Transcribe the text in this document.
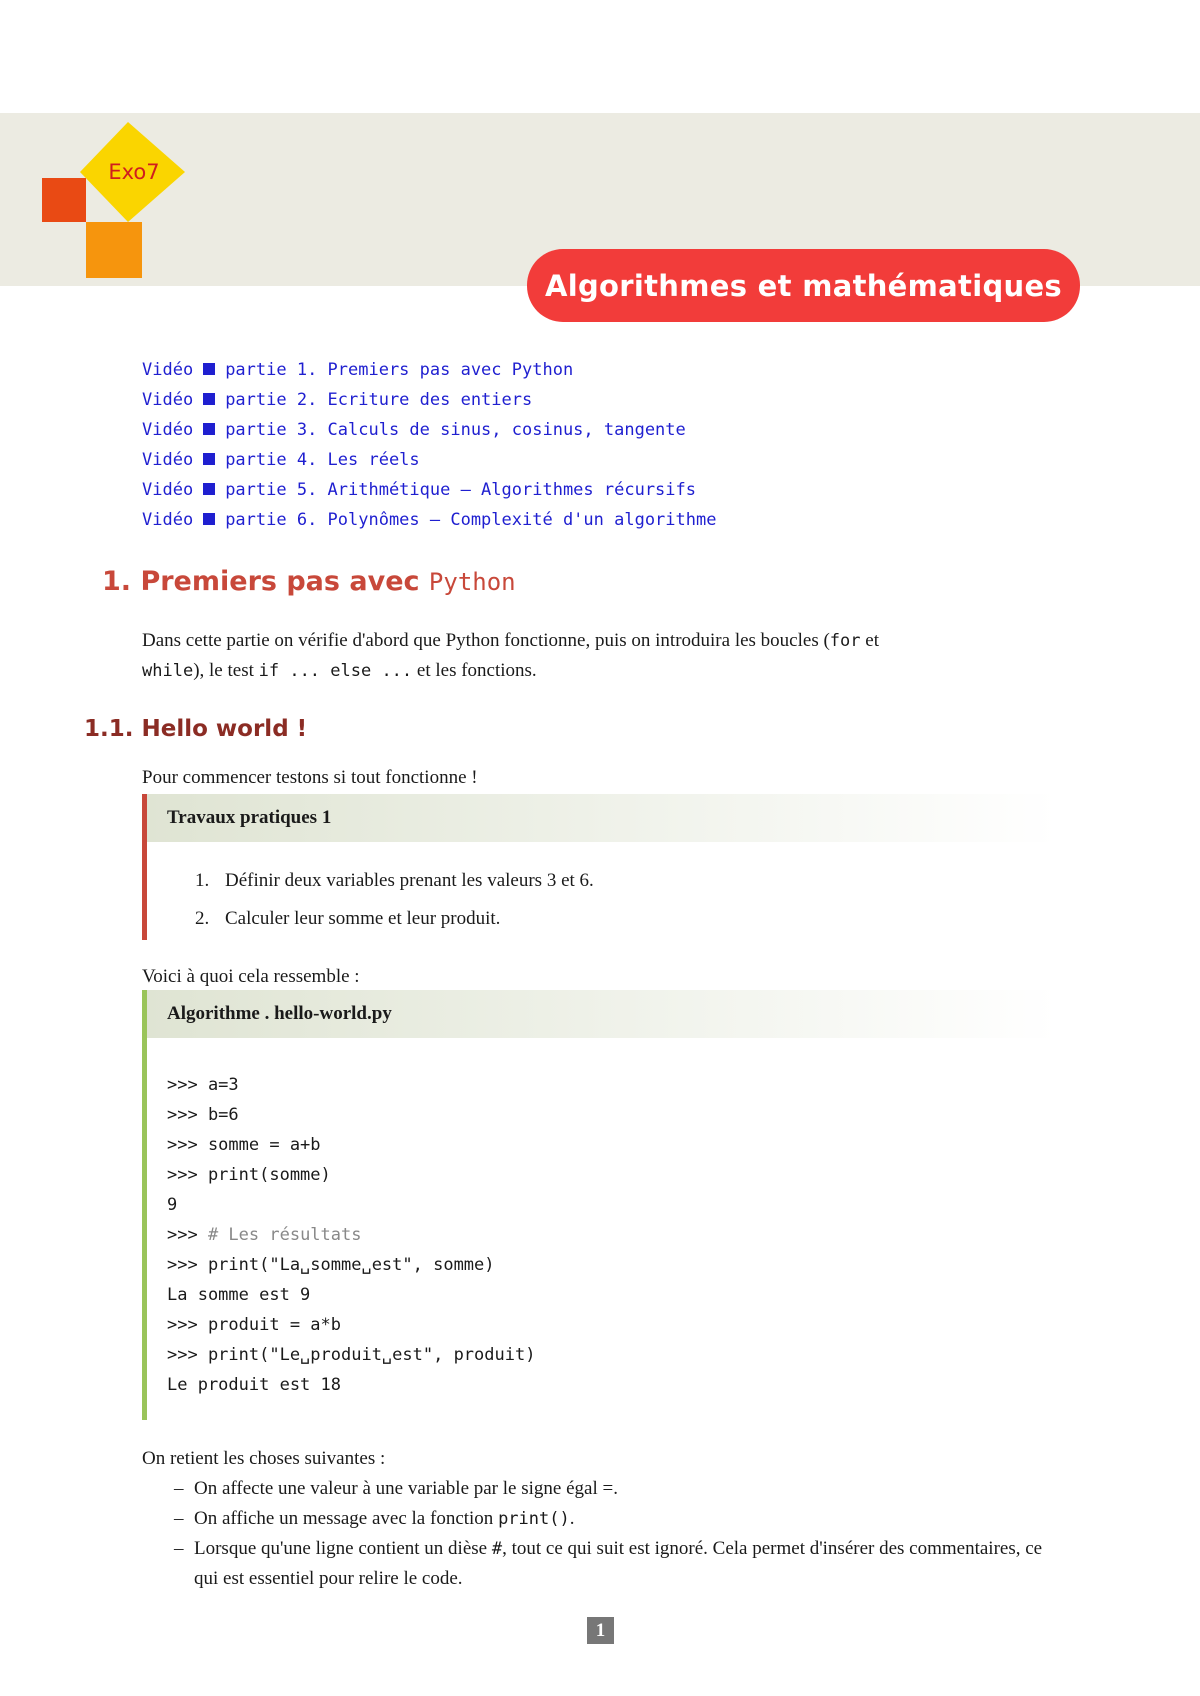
Exo7
Algorithmes et mathématiques
Vidéo partie 1. Premiers pas avec Python
Vidéo partie 2. Ecriture des entiers
Vidéo partie 3. Calculs de sinus, cosinus, tangente
Vidéo partie 4. Les réels
Vidéo partie 5. Arithmétique – Algorithmes récursifs
Vidéo partie 6. Polynômes – Complexité d'un algorithme
1. Premiers pas avec Python

Dans cette partie on vérifie d'abord que Python fonctionne, puis on introduira les boucles (for et
while), le test if ... else ... et les fonctions.

1.1. Hello world !

Pour commencer testons si tout fonctionne !

Travaux pratiques 1
1. Définir deux variables prenant les valeurs 3 et 6.
2. Calculer leur somme et leur produit.

Voici à quoi cela ressemble :

Algorithme . hello-world.py
>>> a=3
>>> b=6
>>> somme = a+b
>>> print(somme)
9
>>> # Les résultats
>>> print("La␣somme␣est", somme)
La somme est 9
>>> produit = a*b
>>> print("Le␣produit␣est", produit)
Le produit est 18

On retient les choses suivantes :

– On affecte une valeur à une variable par le signe égal =.
– On affiche un message avec la fonction print().
– Lorsque qu'une ligne contient un dièse #, tout ce qui suit est ignoré. Cela permet d'insérer des commentaires, ce qui est essentiel pour relire le code.
1
